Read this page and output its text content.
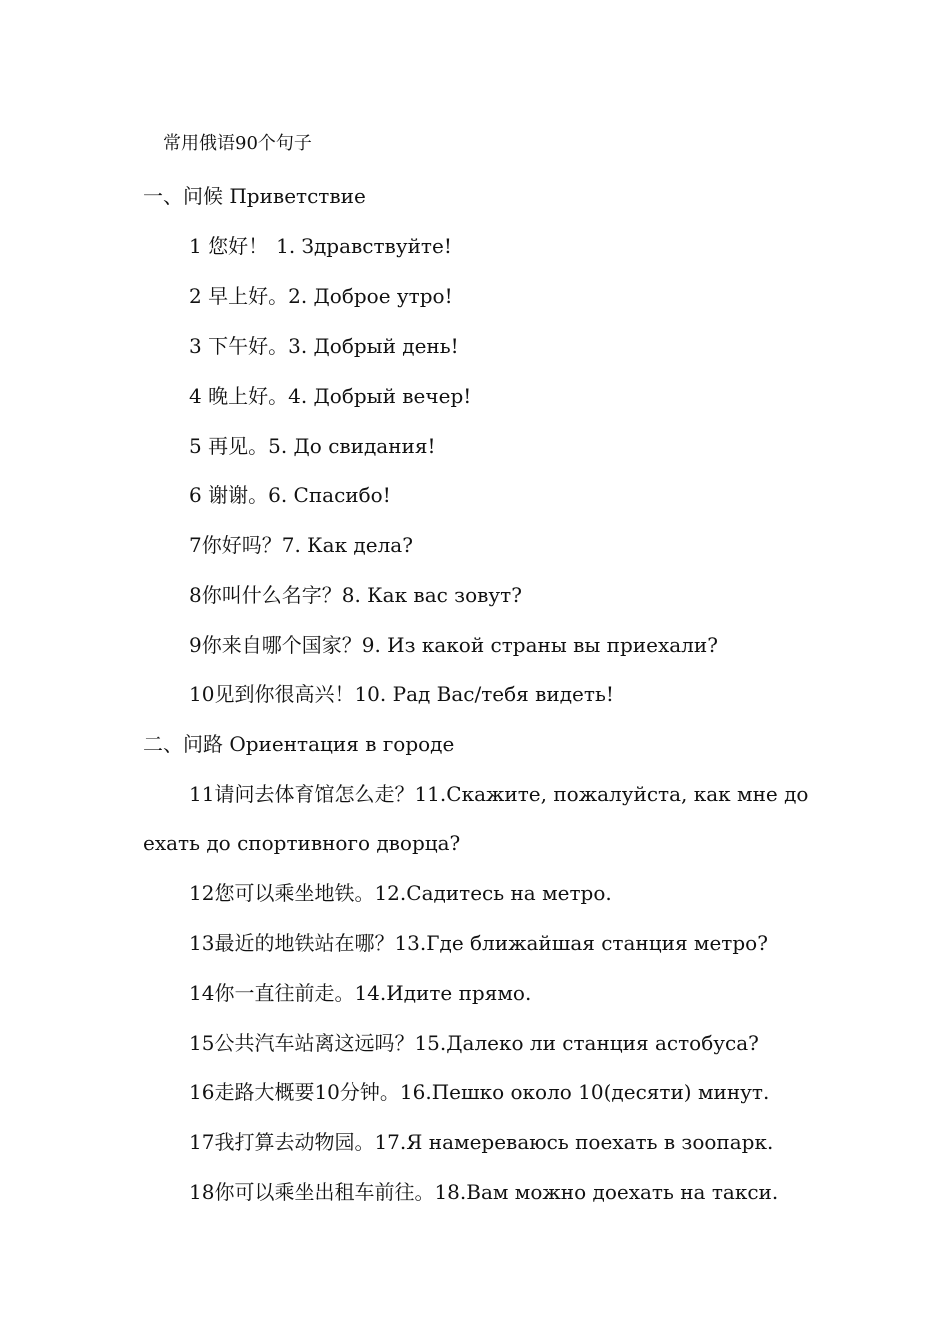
常用俄语90个句子
一、问候 Приветствие
1 您好！ 1. Здравствуйте!
2 早上好。2. Доброе утро!
3 下午好。3. Добрый день!
4 晚上好。4. Добрый вечер!
5 再见。5. До свидания!
6 谢谢。6. Спасибо!
7你好吗？7. Как дела?
8你叫什么名字？8. Как вас зовут?
9你来自哪个国家？9. Из какой страны вы приехали?
10见到你很高兴！10. Рад Вас/тебя видеть!
二、问路 Ориентация в городе
11请问去体育馆怎么走？11.Скажите, пожалуйста, как мне до
ехать до спортивного дворца?
12您可以乘坐地铁。12.Садитесь на метро.
13最近的地铁站在哪？13.Где ближайшая станция метро?
14你一直往前走。14.Идите прямо.
15公共汽车站离这远吗？15.Далеко ли станция астобуса?
16走路大概要10分钟。16.Пешко около 10(десяти) минут.
17我打算去动物园。17.Я намереваюсь поехать в зоопарк.
18你可以乘坐出租车前往。18.Вам можно доехать на такси.
